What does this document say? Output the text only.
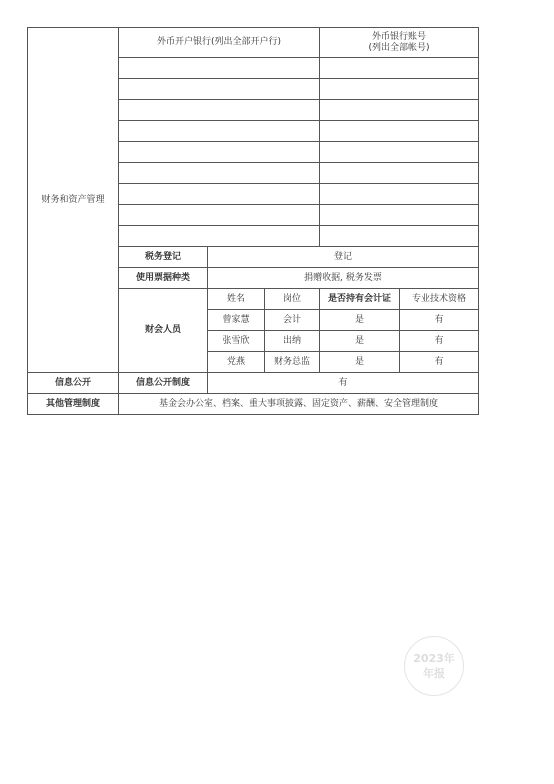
财务和资产管理	外币开户银行(列出全部开户行)			外币银行账号
(列出全部帐号)	

	税务登记	登记			
	使用票据种类	捐赠收据, 税务发票			
	财会人员	姓名	岗位	是否持有会计证	专业技术资格
		曾家慧	会计	是	有
		张雪欣	出纳	是	有
		党燕	财务总监	是	有
信息公开	信息公开制度	有			
其他管理制度	基金会办公室、档案、重大事项披露、固定资产、薪酬、安全管理制度				
2023年
年报
